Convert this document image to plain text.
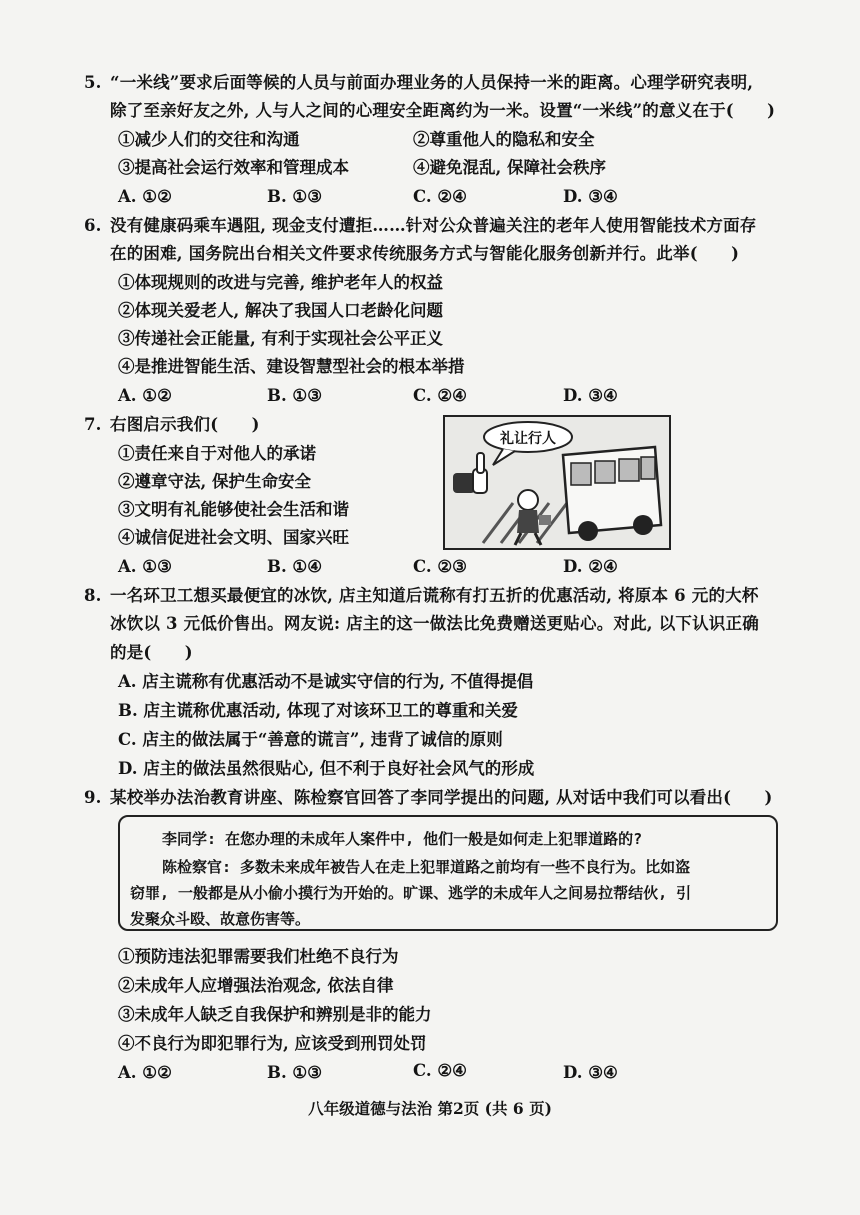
5. “一米线”要求后面等候的人员与前面办理业务的人员保持一米的距离。心理学研究表明,
除了至亲好友之外, 人与人之间的心理安全距离约为一米。设置“一米线”的意义在于(　　)
①减少人们的交往和沟通	②尊重他人的隐私和安全
③提高社会运行效率和管理成本	④避免混乱, 保障社会秩序
A. ①②	B. ①③	C. ②④	D. ③④
6. 没有健康码乘车遇阻, 现金支付遭拒……针对公众普遍关注的老年人使用智能技术方面存
在的困难, 国务院出台相关文件要求传统服务方式与智能化服务创新并行。此举(　　)
①体现规则的改进与完善, 维护老年人的权益
②体现关爱老人, 解决了我国人口老龄化问题
③传递社会正能量, 有利于实现社会公平正义
④是推进智能生活、建设智慧型社会的根本举措
A. ①②	B. ①③	C. ②④	D. ③④
7. 右图启示我们(　　)
①责任来自于对他人的承诺
②遵章守法, 保护生命安全
③文明有礼能够使社会生活和谐
④诚信促进社会文明、国家兴旺
A. ①③	B. ①④	C. ②③	D. ②④
礼让行人
8. 一名环卫工想买最便宜的冰饮, 店主知道后谎称有打五折的优惠活动, 将原本 6 元的大杯
冰饮以 3 元低价售出。网友说: 店主的这一做法比免费赠送更贴心。对此, 以下认识正确
的是(　　)
A. 店主谎称有优惠活动不是诚实守信的行为, 不值得提倡
B. 店主谎称优惠活动, 体现了对该环卫工的尊重和关爱
C. 店主的做法属于“善意的谎言”, 违背了诚信的原则
D. 店主的做法虽然很贴心, 但不利于良好社会风气的形成
9. 某校举办法治教育讲座、陈检察官回答了李同学提出的问题, 从对话中我们可以看出(　　)
李同学: 在您办理的未成年人案件中, 他们一般是如何走上犯罪道路的?
陈检察官: 多数未来成年被告人在走上犯罪道路之前均有一些不良行为。比如盗
窃罪, 一般都是从小偷小摸行为开始的。旷课、逃学的未成年人之间易拉帮结伙, 引
发聚众斗殴、故意伤害等。
①预防违法犯罪需要我们杜绝不良行为
②未成年人应增强法治观念, 依法自律
③未成年人缺乏自我保护和辨别是非的能力
④不良行为即犯罪行为, 应该受到刑罚处罚
A. ①②	B. ①③	C. ②④	D. ③④
八年级道德与法治 第2页 (共 6 页)
